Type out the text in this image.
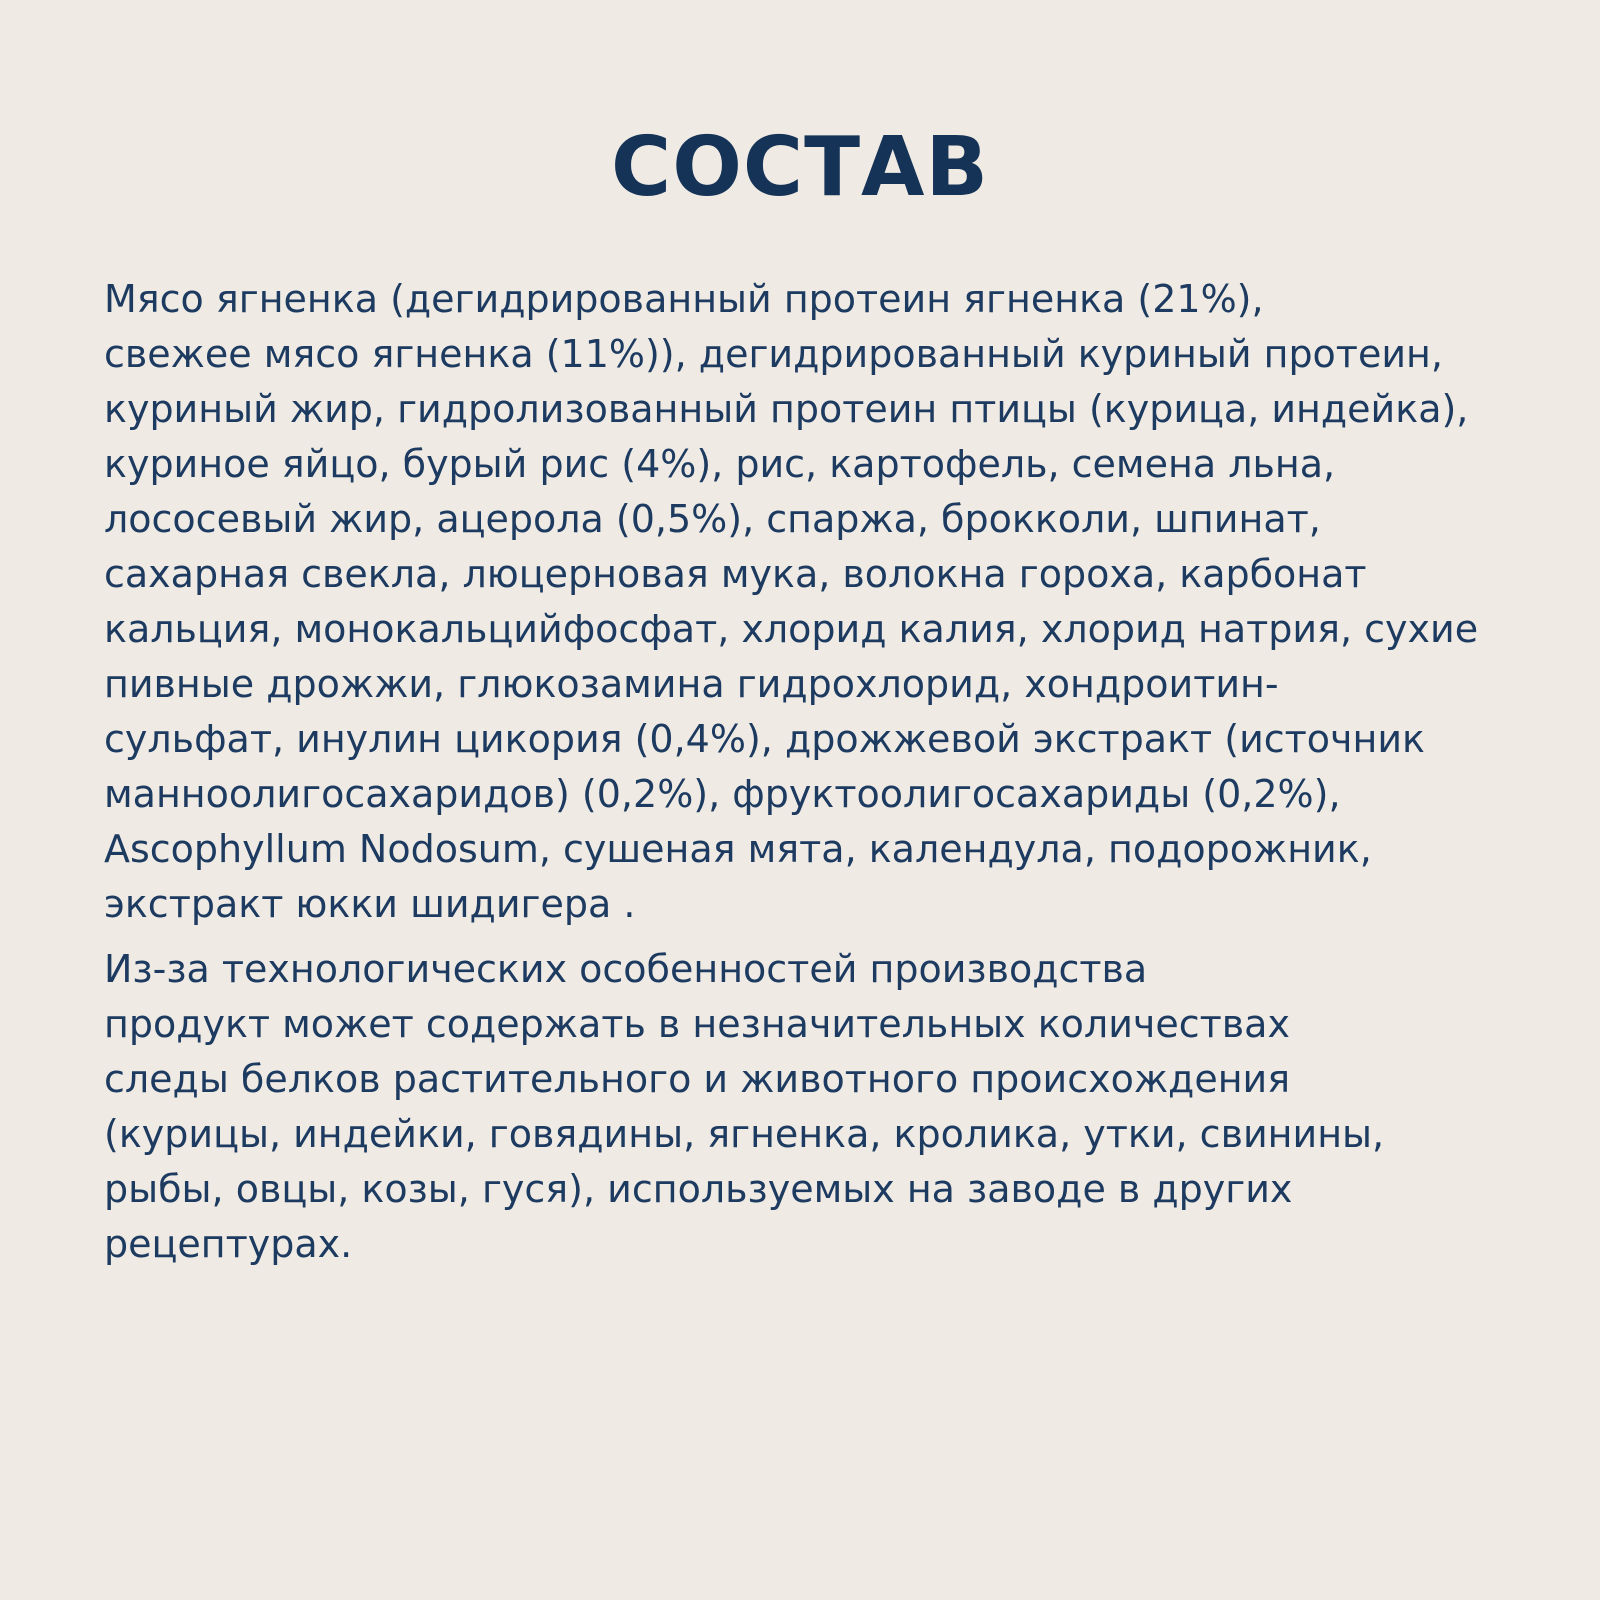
СОСТАВ
Мясо ягненка (дегидрированный протеин ягненка (21%),
свежее мясо ягненка (11%)), дегидрированный куриный протеин,
куриный жир, гидролизованный протеин птицы (курица, индейка),
куриное яйцо, бурый рис (4%), рис, картофель, семена льна,
лососевый жир, ацерола (0,5%), спаржа, брокколи, шпинат,
сахарная свекла, люцерновая мука, волокна гороха, карбонат
кальция, монокальцийфосфат, хлорид калия, хлорид натрия, сухие
пивные дрожжи, глюкозамина гидрохлорид, хондроитин-
сульфат, инулин цикория (0,4%), дрожжевой экстракт (источник
манноолигосахаридов) (0,2%), фруктоолигосахариды (0,2%),
Ascophyllum Nodosum, сушеная мята, календула, подорожник,
экстракт юкки шидигера .
Из-за технологических особенностей производства
продукт может содержать в незначительных количествах
следы белков растительного и животного происхождения
(курицы, индейки, говядины, ягненка, кролика, утки, свинины,
рыбы, овцы, козы, гуся), используемых на заводе в других
рецептурах.
